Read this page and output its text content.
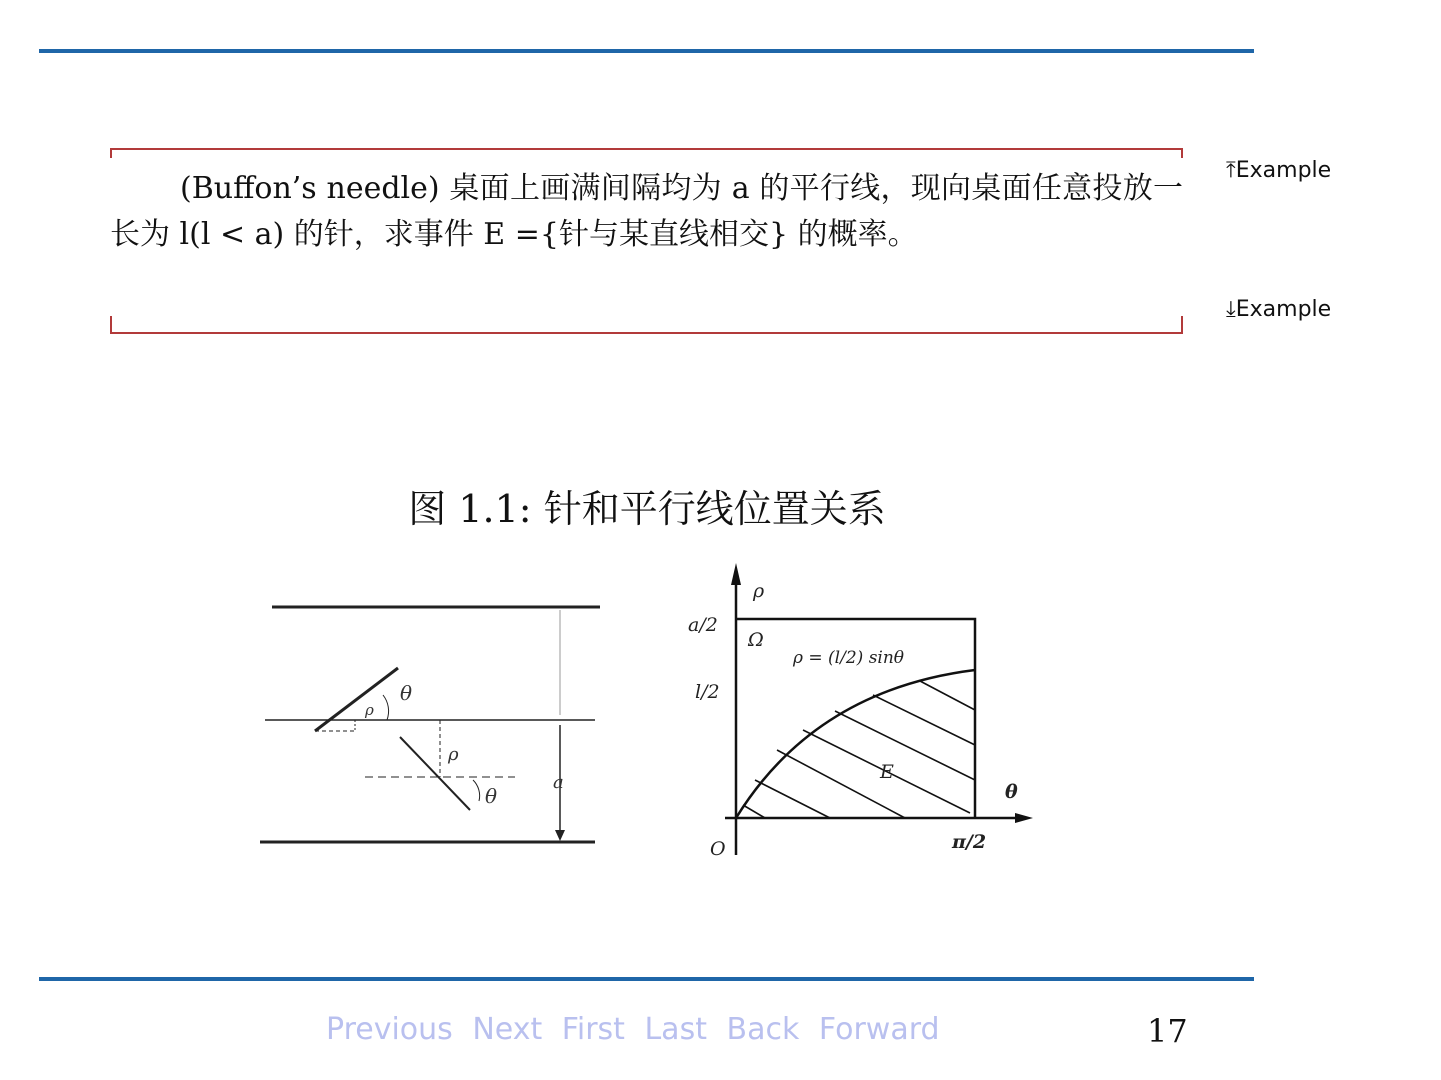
(Buffon’s needle) 桌面上画满间隔均为 a 的平行线，现向桌面任意投放一长为 l(l < a) 的针，求事件 E ={针与某直线相交} 的概率。
⤒Example
⤓Example
图 1.1: 针和平行线位置关系
θ
ρ
ρ
θ
a
ρ
a/2
l/2
Ω
ρ = (l/2) sinθ
E
θ
O	π/2
Previous Next First Last Back Forward	17
